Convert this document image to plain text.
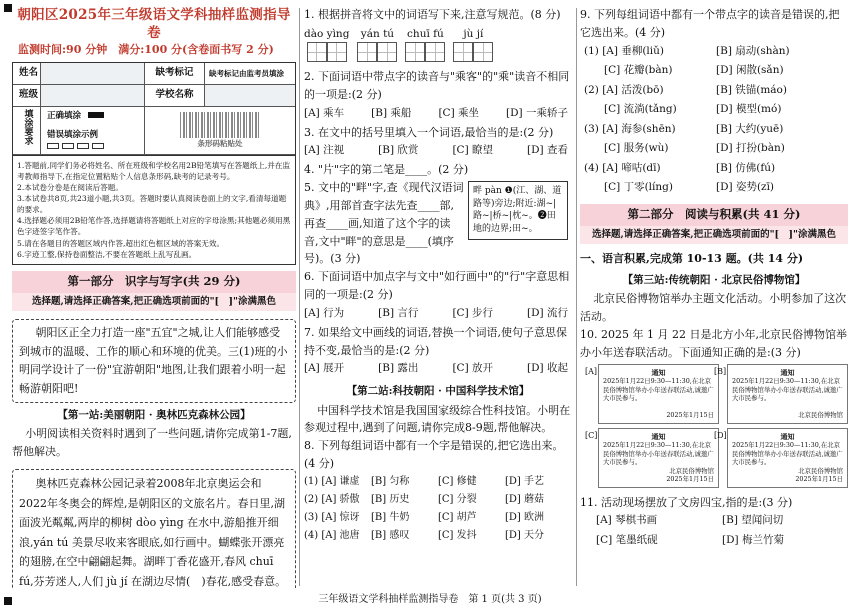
朝阳区2025年三年级语文学科抽样监测指导卷
监测时间:90 分钟　满分:100 分(含卷面书写 2 分)
姓名	缺考标记	缺考标记由监考员填涂
班级	学校名称
填涂要求	正确填涂
错误填涂示例
条形码粘贴处
1.答题前,同学们务必将姓名、所在班级和学校名用2B铅笔填写在答题纸上,并在监考教师指导下,在指定位置粘贴个人信息条形码,缺考的记录考号。
2.本试卷分卷是在阅读后答题。
3.本试卷共8页,共23道小题,共3页。答题时要认真阅读卷面上的文字,看清每道题的要求。
4.选择题必须用2B铅笔作答,选择题请将答题纸上对应的字母涂黑;其他题必须用黑色字迹签字笔作答。
5.请在各题目的答题区域内作答,超出红色框区域的答案无效。
6.字迹工整,保持卷面整洁,不要在答题纸上乱写乱画。
第一部分　识字与写字(共 29 分)
选择题,请选择正确答案,把正确选项前面的"[　]"涂满黑色
朝阳区正全力打造一座"五宜"之城,让人们能够感受到城市的温暖、工作的顺心和环境的优美。三(1)班的小明同学设计了一份"宜游朝阳"地图,让我们跟着小明一起畅游朝阳吧!
【第一站:美丽朝阳 · 奥林匹克森林公园】

小明阅读相关资料时遇到了一些问题,请你完成第1-7题,帮他解决。

奥林匹克森林公园记录着2008年北京奥运会和2022年冬奥会的辉煌,是朝阳区的文旅名片。春日里,湖面波光粼粼,两岸的柳树 dòo yìng 在水中,游船推开细浪,yán tú 美景尽收来客眼底,如行画中。蝴蝶张开漂亮的翅膀,在空中翩翩起舞。湖畔丁香花盛开,春风 chuī fú,芬芳迷人,人们 jù jí 在湖边尽情(　)春花,感受春意。
1. 根据拼音将文中的词语写下来,注意写规范。(8 分)
dào yìng yán tú chuī fú jù jí
2. 下面词语中带点字的读音与"乘客"的"乘"读音不相同的一项是:(2 分)
[A] 乘车	[B] 乘船	[C] 乘坐	[D] 一乘轿子
3. 在文中的括号里填入一个词语,最恰当的是:(2 分)
[A] 注视	[B] 欣赏	[C] 瞭望	[D] 查看
4. "片"字的第二笔是____。(2 分)
5. 文中的"畔"字,查《现代汉语词典》,用部首查字法先查____部,再查____画,知道了这个字的读音,文中"畔"的意思是____(填序号)。(3 分)
畔 pàn ❶(江、湖、道路等)旁边;附近:湖~|路~|桥~|枕~。❷田地的边界;田~。
6. 下面词语中加点字与文中"如行画中"的"行"字意思相同的一项是:(2 分)
[A] 行为	[B] 言行	[C] 步行	[D] 流行
7. 如果给文中画线的词语,替换一个词语,使句子意思保持不变,最恰当的是:(2 分)
[A] 展开	[B] 露出	[C] 放开	[D] 收起
【第二站:科技朝阳 · 中国科学技术馆】

中国科学技术馆是我国国家级综合性科技馆。小明在参观过程中,遇到了问题,请你完成8-9题,帮他解决。

8. 下列每组词语中都有一个字是错误的,把它选出来。(4 分)
(1) [A] 谦虚	[B] 匀称	[C] 修健	[D] 手艺
(2) [A] 骄傲	[B] 历史	[C] 分裂	[D] 蘑菇
(3) [A] 惊讶	[B] 牛奶	[C] 胡芦	[D] 欧洲
(4) [A] 池唐	[B] 感叹	[C] 发抖	[D] 天分
9. 下列每组词语中都有一个带点字的读音是错误的,把它选出来。(4 分)
(1) [A] 垂柳(liǔ)	[B] 扇动(shàn)
[C] 花瓣(bàn)	[D] 闲散(sǎn)
(2) [A] 活泼(bō)	[B] 铁锚(máo)
[C] 流淌(tǎng)	[D] 模型(mó)
(3) [A] 海参(shēn)	[B] 大约(yuē)
[C] 服务(wù)	[D] 打扮(bàn)
(4) [A] 啼咕(dī)	[B] 仿佛(fú)
[C] 丁零(líng)	[D] 姿势(zī)
第二部分　阅读与积累(共 41 分)
选择题,请选择正确答案,把正确选项前面的"[　]"涂满黑色
一、语言积累,完成第 10-13 题。(共 14 分)
【第三站:传统朝阳 · 北京民俗博物馆】

北京民俗博物馆举办主题文化活动。小明参加了这次活动。

10. 2025 年 1 月 22 日是北方小年,北京民俗博物馆举办小年送春联活动。下面通知正确的是:(3 分)
[A]	通知
2025年1月22日9:30—11:30,在北京民俗博物馆举办小年送春联活动,诚邀广大市民参与。
2025年1月15日
[B]	通知
2025年1月22日9:30—11:30,在北京民俗博物馆举办小年送春联活动,诚邀广大市民参与。
北京民俗博物馆
[C]	通知
2025年1月22日9:30—11:30,在北京民俗博物馆举办小年送春联活动,诚邀广大市民参与。
北京民俗博物馆
2025年1月15日
[D]	通知
2025年1月22日9:30—11:30,在北京民俗博物馆举办小年送春联活动,诚邀广大市民参与。
北京民俗博物馆
2025年1月15日
11. 活动现场摆放了文房四宝,指的是:(3 分)
[A] 琴棋书画	[B] 望闻问切
[C] 笔墨纸砚	[D] 梅兰竹菊
三年级语文学科抽样监测指导卷　第 1 页(共 3 页)
